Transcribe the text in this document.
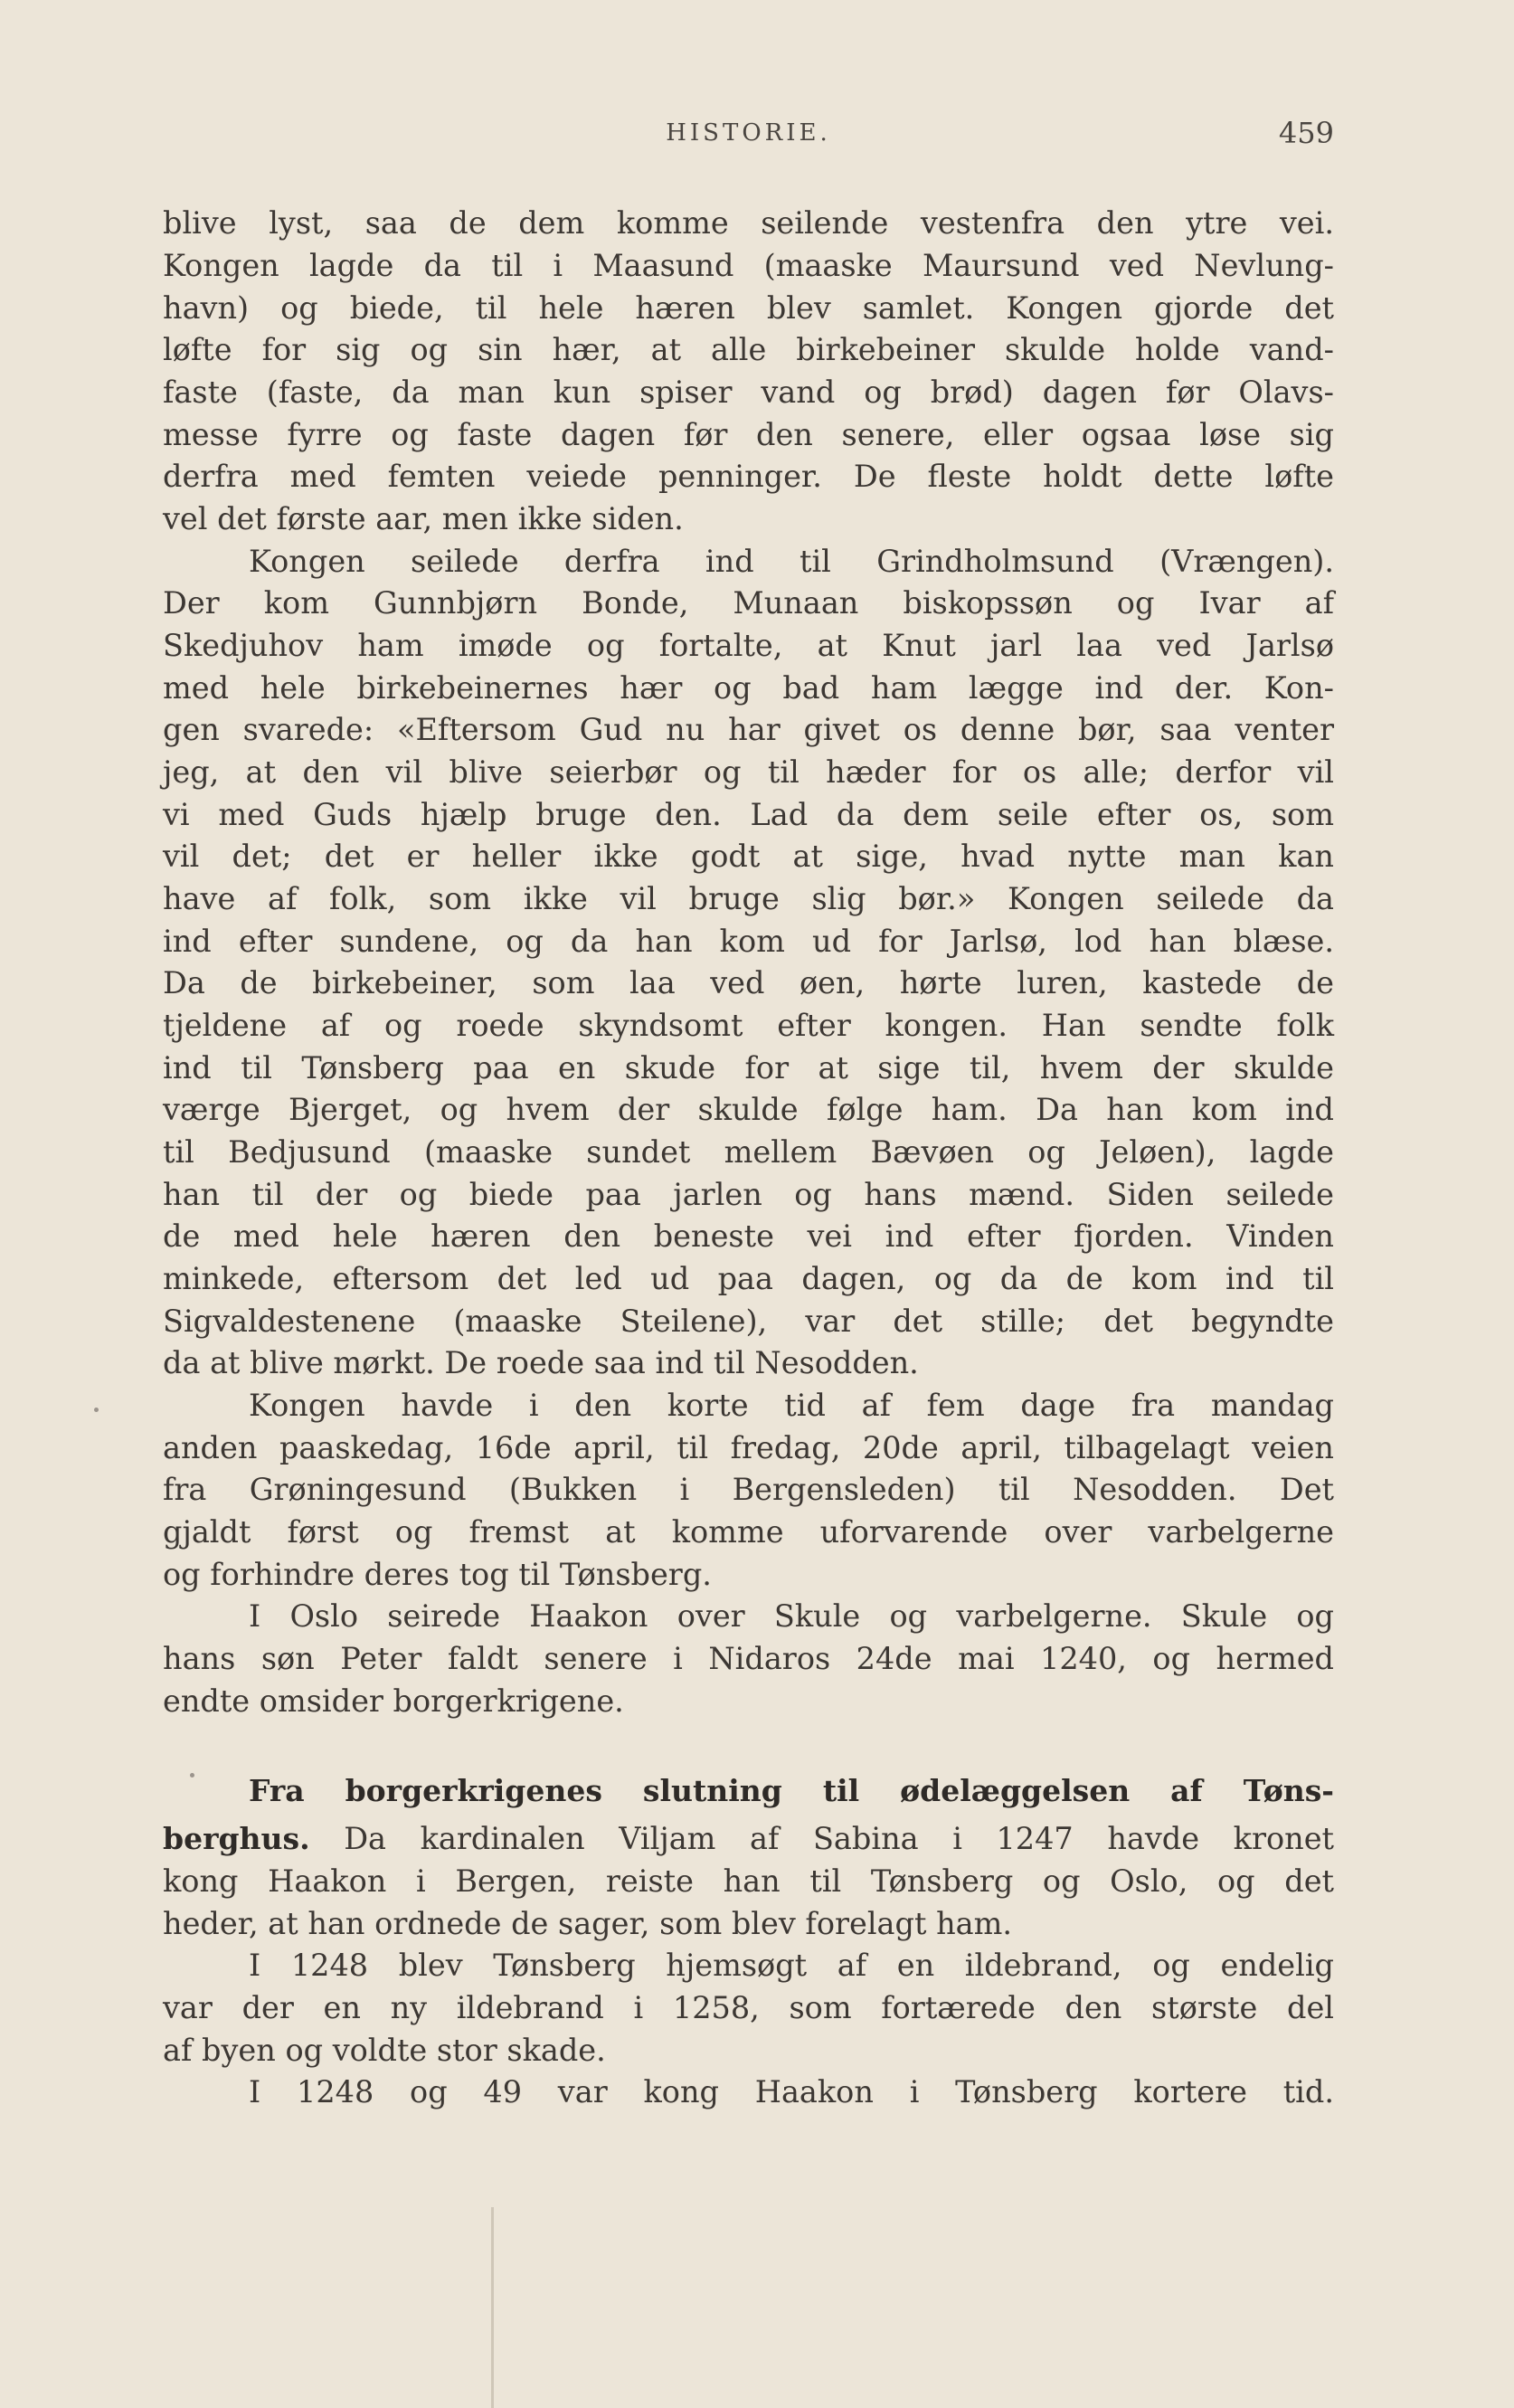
HISTORIE.	459
blive lyst, saa de dem komme seilende vestenfra den ytre vei.
Kongen lagde da til i Maasund (maaske Maursund ved Nevlung-
havn) og biede, til hele hæren blev samlet. Kongen gjorde det
løfte for sig og sin hær, at alle birkebeiner skulde holde vand-
faste (faste, da man kun spiser vand og brød) dagen før Olavs-
messe fyrre og faste dagen før den senere, eller ogsaa løse sig
derfra med femten veiede penninger. De fleste holdt dette løfte
vel det første aar, men ikke siden.
Kongen seilede derfra ind til Grindholmsund (Vrængen).
Der kom Gunnbjørn Bonde, Munaan biskopssøn og Ivar af
Skedjuhov ham imøde og fortalte, at Knut jarl laa ved Jarlsø
med hele birkebeinernes hær og bad ham lægge ind der. Kon-
gen svarede: «Eftersom Gud nu har givet os denne bør, saa venter
jeg, at den vil blive seierbør og til hæder for os alle; derfor vil
vi med Guds hjælp bruge den. Lad da dem seile efter os, som
vil det; det er heller ikke godt at sige, hvad nytte man kan
have af folk, som ikke vil bruge slig bør.» Kongen seilede da
ind efter sundene, og da han kom ud for Jarlsø, lod han blæse.
Da de birkebeiner, som laa ved øen, hørte luren, kastede de
tjeldene af og roede skyndsomt efter kongen. Han sendte folk
ind til Tønsberg paa en skude for at sige til, hvem der skulde
værge Bjerget, og hvem der skulde følge ham. Da han kom ind
til Bedjusund (maaske sundet mellem Bævøen og Jeløen), lagde
han til der og biede paa jarlen og hans mænd. Siden seilede
de med hele hæren den beneste vei ind efter fjorden. Vinden
minkede, eftersom det led ud paa dagen, og da de kom ind til
Sigvaldestenene (maaske Steilene), var det stille; det begyndte
da at blive mørkt. De roede saa ind til Nesodden.
Kongen havde i den korte tid af fem dage fra mandag
anden paaskedag, 16de april, til fredag, 20de april, tilbagelagt veien
fra Grøningesund (Bukken i Bergensleden) til Nesodden. Det
gjaldt først og fremst at komme uforvarende over varbelgerne
og forhindre deres tog til Tønsberg.
I Oslo seirede Haakon over Skule og varbelgerne. Skule og
hans søn Peter faldt senere i Nidaros 24de mai 1240, og hermed
endte omsider borgerkrigene.
Fra borgerkrigenes slutning til ødelæggelsen af Tøns-
berghus. Da kardinalen Viljam af Sabina i 1247 havde kronet
kong Haakon i Bergen, reiste han til Tønsberg og Oslo, og det
heder, at han ordnede de sager, som blev forelagt ham.
I 1248 blev Tønsberg hjemsøgt af en ildebrand, og endelig
var der en ny ildebrand i 1258, som fortærede den største del
af byen og voldte stor skade.
I 1248 og 49 var kong Haakon i Tønsberg kortere tid.
